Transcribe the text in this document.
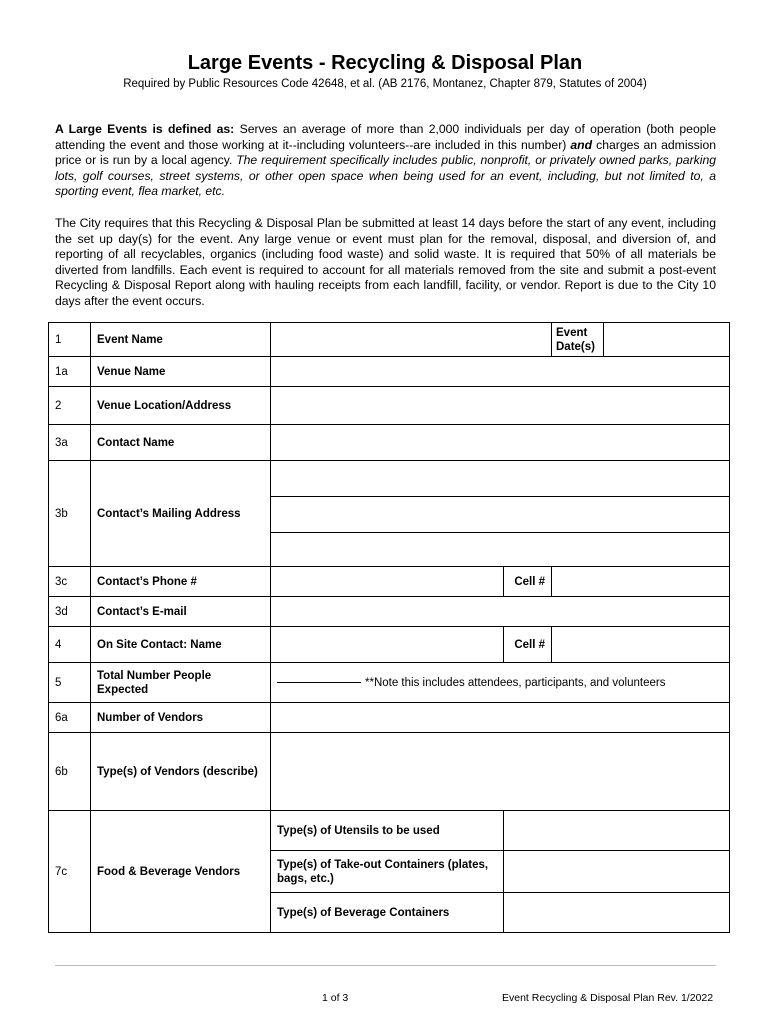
Large Events - Recycling & Disposal Plan
Required by Public Resources Code 42648, et al. (AB 2176, Montanez, Chapter 879, Statutes of 2004)

A Large Events is defined as: Serves an average of more than 2,000 individuals per day of operation (both people attending the event and those working at it--including volunteers--are included in this number) and charges an admission price or is run by a local agency. The requirement specifically includes public, nonprofit, or privately owned parks, parking lots, golf courses, street systems, or other open space when being used for an event, including, but not limited to, a sporting event, flea market, etc.

The City requires that this Recycling & Disposal Plan be submitted at least 14 days before the start of any event, including the set up day(s) for the event. Any large venue or event must plan for the removal, disposal, and diversion of, and reporting of all recyclables, organics (including food waste) and solid waste. It is required that 50% of all materials be diverted from landfills. Each event is required to account for all materials removed from the site and submit a post-event Recycling & Disposal Report along with hauling receipts from each landfill, facility, or vendor. Report is due to the City 10 days after the event occurs.

1	Event Name			Event Date(s)	
1a	Venue Name				
2	Venue Location/Address				
3a	Contact Name				
3b	Contact’s Mailing Address				

3c	Contact’s Phone #		Cell #		
3d	Contact’s E-mail				
4	On Site Contact: Name		Cell #		
5	Total Number People Expected	**Note this includes attendees, participants, and volunteers			
6a	Number of Vendors				
6b	Type(s) of Vendors (describe)				
7c	Food & Beverage Vendors	Type(s) of Utensils to be used			
		Type(s) of Take-out Containers (plates, bags, etc.)			
		Type(s) of Beverage Containers			
1 of 3	Event Recycling & Disposal Plan Rev. 1/2022
